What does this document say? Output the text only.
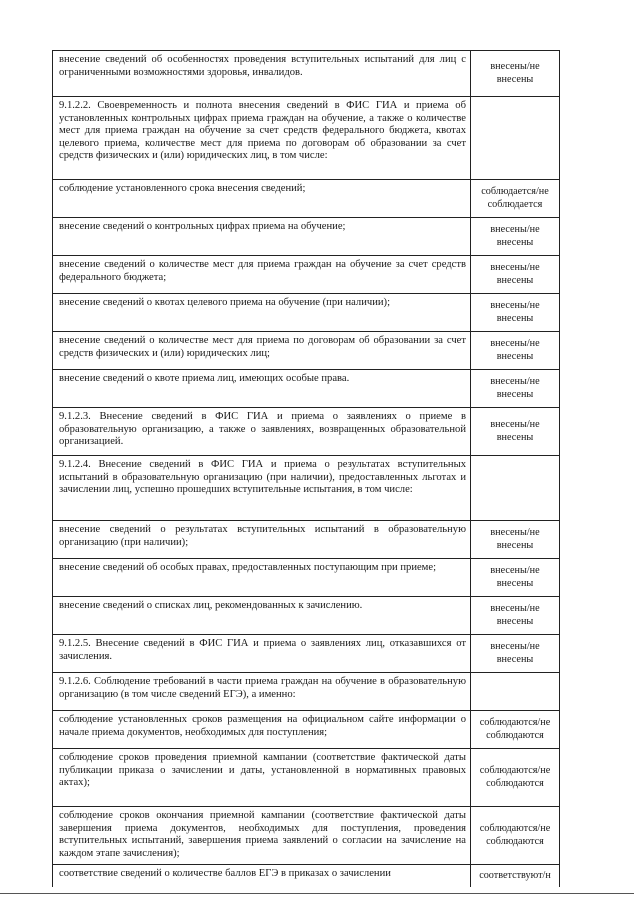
внесение сведений об особенностях проведения вступительных испытаний для лиц с ограниченными возможностями здоровья, инвалидов.	внесены/не внесены
9.1.2.2. Своевременность и полнота внесения сведений в ФИС ГИА и приема об установленных контрольных цифрах приема граждан на обучение, а также о количестве мест для приема граждан на обучение за счет средств федерального бюджета, квотах целевого приема, количестве мест для приема по договорам об образовании за счет средств физических и (или) юридических лиц, в том числе:	
соблюдение установленного срока внесения сведений;	соблюдается/не соблюдается
внесение сведений о контрольных цифрах приема на обучение;	внесены/не внесены
внесение сведений о количестве мест для приема граждан на обучение за счет средств федерального бюджета;	внесены/не внесены
внесение сведений о квотах целевого приема на обучение (при наличии);	внесены/не внесены
внесение сведений о количестве мест для приема по договорам об образовании за счет средств физических и (или) юридических лиц;	внесены/не внесены
внесение сведений о квоте приема лиц, имеющих особые права.	внесены/не внесены
9.1.2.3. Внесение сведений в ФИС ГИА и приема о заявлениях о приеме в образовательную организацию, а также о заявлениях, возвращенных образовательной организацией.	внесены/не внесены
9.1.2.4. Внесение сведений в ФИС ГИА и приема о результатах вступительных испытаний в образовательную организацию (при наличии), предоставленных льготах и зачислении лиц, успешно прошедших вступительные испытания, в том числе:	
внесение сведений о результатах вступительных испытаний в образовательную организацию (при наличии);	внесены/не внесены
внесение сведений об особых правах, предоставленных поступающим при приеме;	внесены/не внесены
внесение сведений о списках лиц, рекомендованных к зачислению.	внесены/не внесены
9.1.2.5. Внесение сведений в ФИС ГИА и приема о заявлениях лиц, отказавшихся от зачисления.	внесены/не внесены
9.1.2.6. Соблюдение требований в части приема граждан на обучение в образовательную организацию (в том числе сведений ЕГЭ), а именно:	
соблюдение установленных сроков размещения на официальном сайте информации о начале приема документов, необходимых для поступления;	соблюдаются/не соблюдаются
соблюдение сроков проведения приемной кампании (соответствие фактической даты публикации приказа о зачислении и даты, установленной в нормативных правовых актах);	соблюдаются/не соблюдаются
соблюдение сроков окончания приемной кампании (соответствие фактической даты завершения приема документов, необходимых для поступления, проведения вступительных испытаний, завершения приема заявлений о согласии на зачисление на каждом этапе зачисления);	соблюдаются/не соблюдаются
соответствие сведений о количестве баллов ЕГЭ в приказах о зачислении	соответствуют/н
